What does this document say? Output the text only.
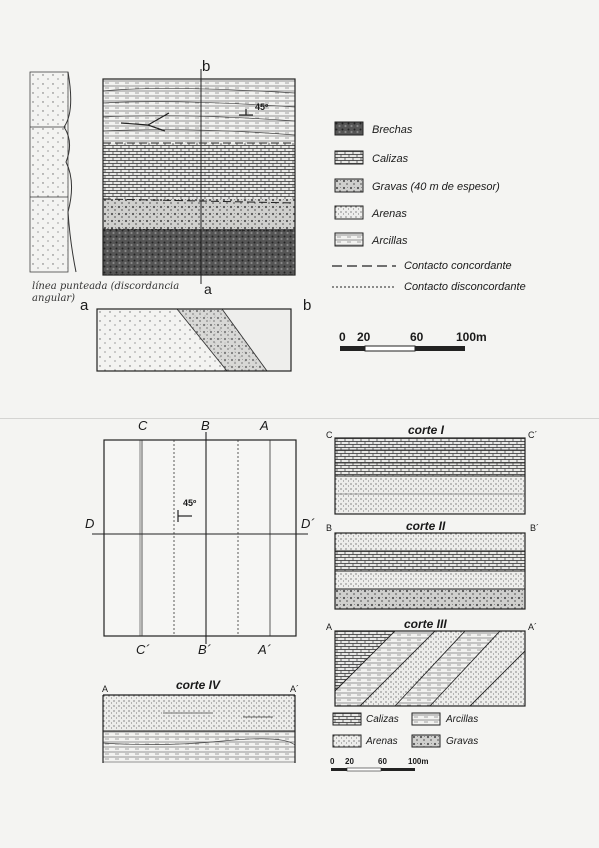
b
45º
a
línea punteada (discordancia angular) a	b
Brechas
Calizas
Gravas (40 m de espesor)
Arenas
Arcillas
Contacto concordante
Contacto disconcordante
0 20	60	100m
C	B	A
D	D´
45º
C´	B´	A´
corte I
C	C´
corte II
B	B´
corte III
A	A´
corte IV
A	A´
Calizas	Arcillas
Arenas	Gravas
0 20	60	100m
